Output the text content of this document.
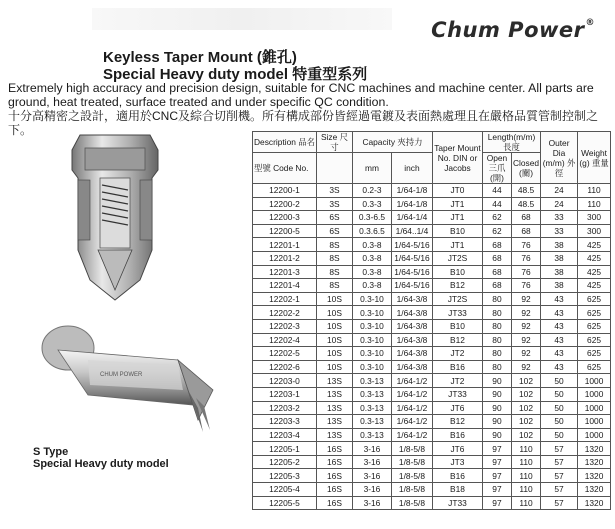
Chum Power®
Keyless Taper Mount (錐孔)
Special Heavy duty model 特重型系列
Extremely high accuracy and precision design, suitable for CNC machines and machine center. All parts are ground, heat treated, surface treated and under specific QC condition.
十分高精密之設計，適用於CNC及綜合切削機。所有構成部份皆經過電鍍及表面熱處理且在嚴格品質管制控制之下。
CHUM POWER
S Type
Special Heavy duty model
Description 品名	Size 尺寸	Capacity 夾持力		Taper Mount No. DIN or Jacobs	Length(m/m) 長度		Outer Dia (m/m) 外徑	Weight (g) 重量
型號 Code No.		mm	inch		Open 三爪(開)	Closed (關)		

12200-1	3S	0.2-3	1/64-1/8	JT0	44	48.5	24	110
12200-2	3S	0.3-3	1/64-1/8	JT1	44	48.5	24	110
12200-3	6S	0.3-6.5	1/64-1/4	JT1	62	68	33	300
12200-5	6S	0.3.6.5	1/64..1/4	B10	62	68	33	300
12201-1	8S	0.3-8	1/64-5/16	JT1	68	76	38	425
12201-2	8S	0.3-8	1/64-5/16	JT2S	68	76	38	425
12201-3	8S	0.3-8	1/64-5/16	B10	68	76	38	425
12201-4	8S	0.3-8	1/64-5/16	B12	68	76	38	425
12202-1	10S	0.3-10	1/64-3/8	JT2S	80	92	43	625
12202-2	10S	0.3-10	1/64-3/8	JT33	80	92	43	625
12202-3	10S	0.3-10	1/64-3/8	B10	80	92	43	625
12202-4	10S	0.3-10	1/64-3/8	B12	80	92	43	625
12202-5	10S	0.3-10	1/64-3/8	JT2	80	92	43	625
12202-6	10S	0.3-10	1/64-3/8	B16	80	92	43	625
12203-0	13S	0.3-13	1/64-1/2	JT2	90	102	50	1000
12203-1	13S	0.3-13	1/64-1/2	JT33	90	102	50	1000
12203-2	13S	0.3-13	1/64-1/2	JT6	90	102	50	1000
12203-3	13S	0.3-13	1/64-1/2	B12	90	102	50	1000
12203-4	13S	0.3-13	1/64-1/2	B16	90	102	50	1000
12205-1	16S	3-16	1/8-5/8	JT6	97	110	57	1320
12205-2	16S	3-16	1/8-5/8	JT3	97	110	57	1320
12205-3	16S	3-16	1/8-5/8	B16	97	110	57	1320
12205-4	16S	3-16	1/8-5/8	B18	97	110	57	1320
12205-5	16S	3-16	1/8-5/8	JT33	97	110	57	1320
